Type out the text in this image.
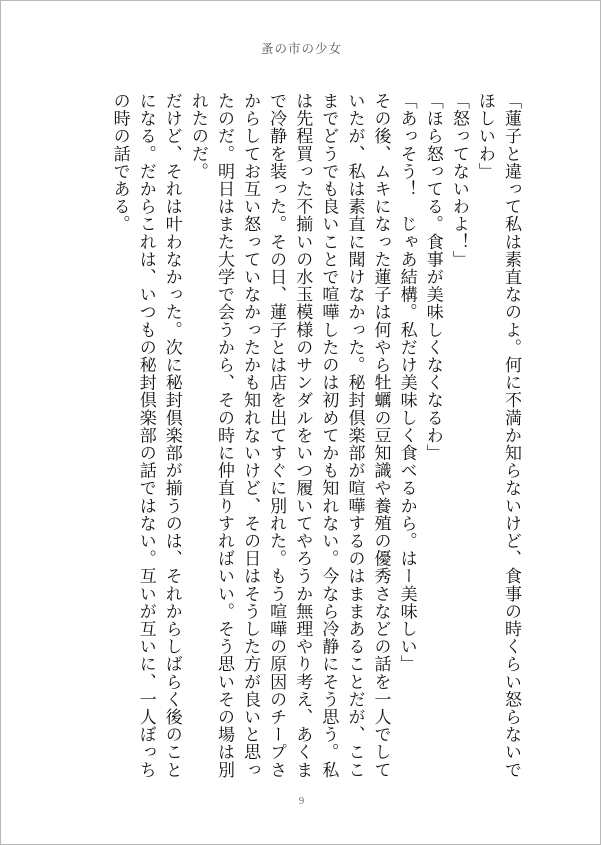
蚤の市の少女

「蓮子と違って私は素直なのよ。何に不満か知らないけど、食事の時くらい怒らないでほしいわ」

「怒ってないわよ！」

「ほら怒ってる。食事が美味しくなくなるわ」

「あっそう！　じゃあ結構。私だけ美味しく食べるから。はー美味しい」

その後、ムキになった蓮子は何やら牡蠣の豆知識や養殖の優秀さなどの話を一人でしていたが、私は素直に聞けなかった。秘封倶楽部が喧嘩するのはままあることだが、ここまでどうでも良いことで喧嘩したのは初めてかも知れない。今なら冷静にそう思う。私は先程買った不揃いの水玉模様のサンダルをいつ履いてやろうか無理やり考え、あくまで冷静を装った。その日、蓮子とは店を出てすぐに別れた。もう喧嘩の原因のチープさからしてお互い怒っていなかったかも知れないけど、その日はそうした方が良いと思ったのだ。明日はまた大学で会うから、その時に仲直りすればいい。そう思いその場は別れたのだ。

だけど、それは叶わなかった。次に秘封倶楽部が揃うのは、それからしばらく後のことになる。だからこれは、いつもの秘封倶楽部の話ではない。互いが互いに、一人ぼっちの時の話である。

9
